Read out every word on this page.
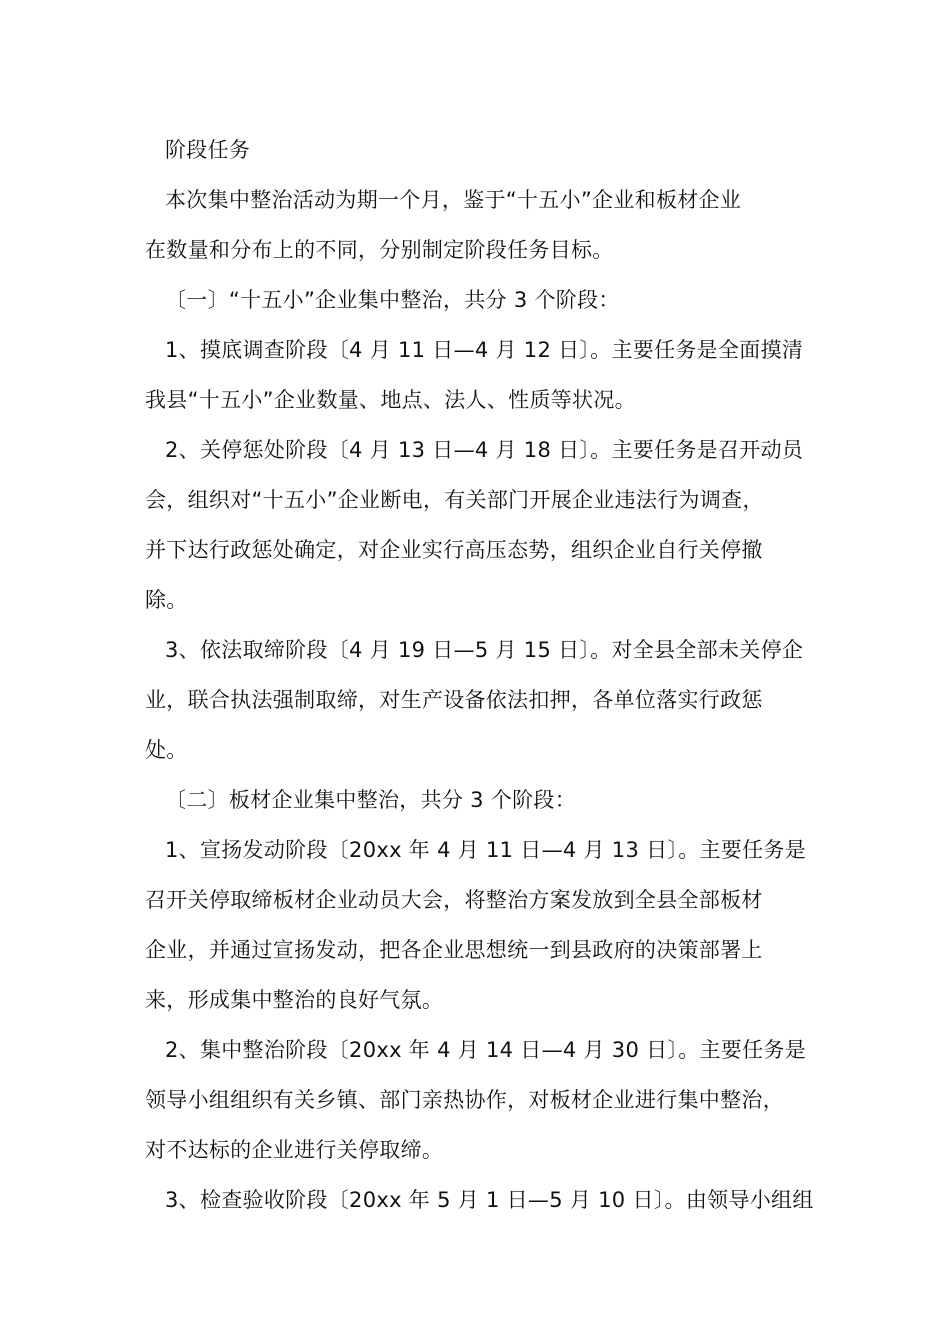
阶段任务
本次集中整治活动为期一个月，鉴于“十五小”企业和板材企业
在数量和分布上的不同，分别制定阶段任务目标。
〔一〕“十五小”企业集中整治，共分 3 个阶段：
1、摸底调查阶段〔4 月 11 日—4 月 12 日〕。主要任务是全面摸清
我县“十五小”企业数量、地点、法人、性质等状况。
2、关停惩处阶段〔4 月 13 日—4 月 18 日〕。主要任务是召开动员
会，组织对“十五小”企业断电，有关部门开展企业违法行为调查，
并下达行政惩处确定，对企业实行高压态势，组织企业自行关停撤
除。
3、依法取缔阶段〔4 月 19 日—5 月 15 日〕。对全县全部未关停企
业，联合执法强制取缔，对生产设备依法扣押，各单位落实行政惩
处。
〔二〕板材企业集中整治，共分 3 个阶段：
1、宣扬发动阶段〔20xx 年 4 月 11 日—4 月 13 日〕。主要任务是
召开关停取缔板材企业动员大会，将整治方案发放到全县全部板材
企业，并通过宣扬发动，把各企业思想统一到县政府的决策部署上
来，形成集中整治的良好气氛。
2、集中整治阶段〔20xx 年 4 月 14 日—4 月 30 日〕。主要任务是
领导小组组织有关乡镇、部门亲热协作，对板材企业进行集中整治，
对不达标的企业进行关停取缔。
3、检查验收阶段〔20xx 年 5 月 1 日—5 月 10 日〕。由领导小组组
